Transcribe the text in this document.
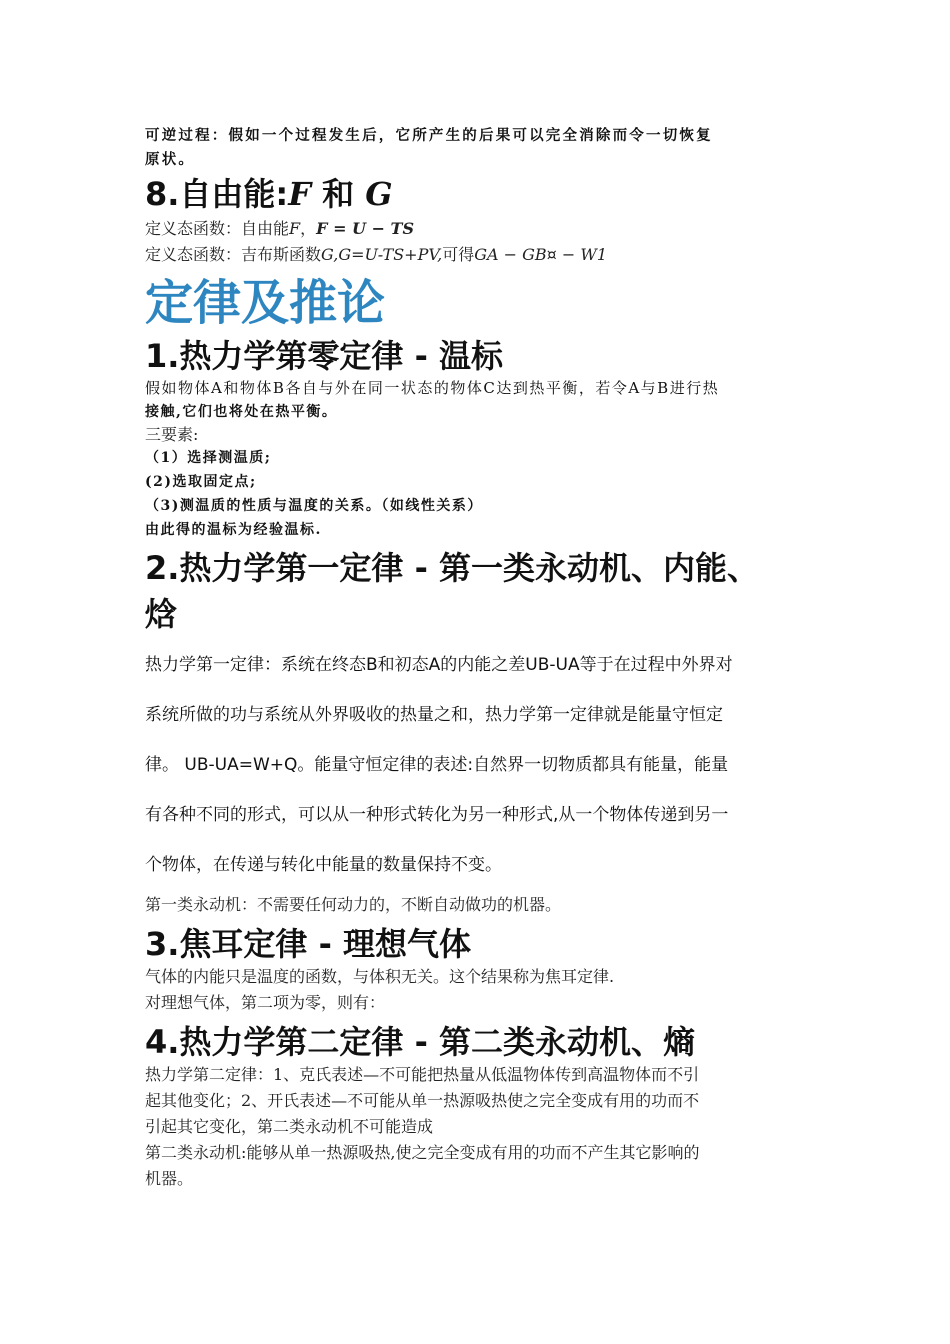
可逆过程：假如一个过程发生后，它所产生的后果可以完全消除而令一切恢复

原状。

8.自由能:F 和 G

定义态函数：自由能F，F = U − TS

定义态函数：吉布斯函数G,G=U-TS+PV,可得GA − GB¤ − W1

定律及推论
1.热力学第零定律 - 温标

假如物体A和物体B各自与外在同一状态的物体C达到热平衡，若令A与B进行热

接触,它们也将处在热平衡。

三要素:

（1）选择测温质;

(2)选取固定点;

（3)测温质的性质与温度的关系。（如线性关系）

由此得的温标为经验温标.

2.热力学第一定律 - 第一类永动机、内能、
焓

热力学第一定律：系统在终态B和初态A的内能之差UB-UA等于在过程中外界对

系统所做的功与系统从外界吸收的热量之和，热力学第一定律就是能量守恒定

律。 UB-UA=W+Q。能量守恒定律的表述:自然界一切物质都具有能量，能量

有各种不同的形式，可以从一种形式转化为另一种形式,从一个物体传递到另一

个物体，在传递与转化中能量的数量保持不变。

第一类永动机：不需要任何动力的，不断自动做功的机器。

3.焦耳定律 - 理想气体

气体的内能只是温度的函数，与体积无关。这个结果称为焦耳定律.

对理想气体，第二项为零，则有：

4.热力学第二定律 - 第二类永动机、熵

热力学第二定律：1、克氏表述—不可能把热量从低温物体传到高温物体而不引

起其他变化；2、开氏表述—不可能从单一热源吸热使之完全变成有用的功而不

引起其它变化，第二类永动机不可能造成

第二类永动机:能够从单一热源吸热,使之完全变成有用的功而不产生其它影响的

机器。
